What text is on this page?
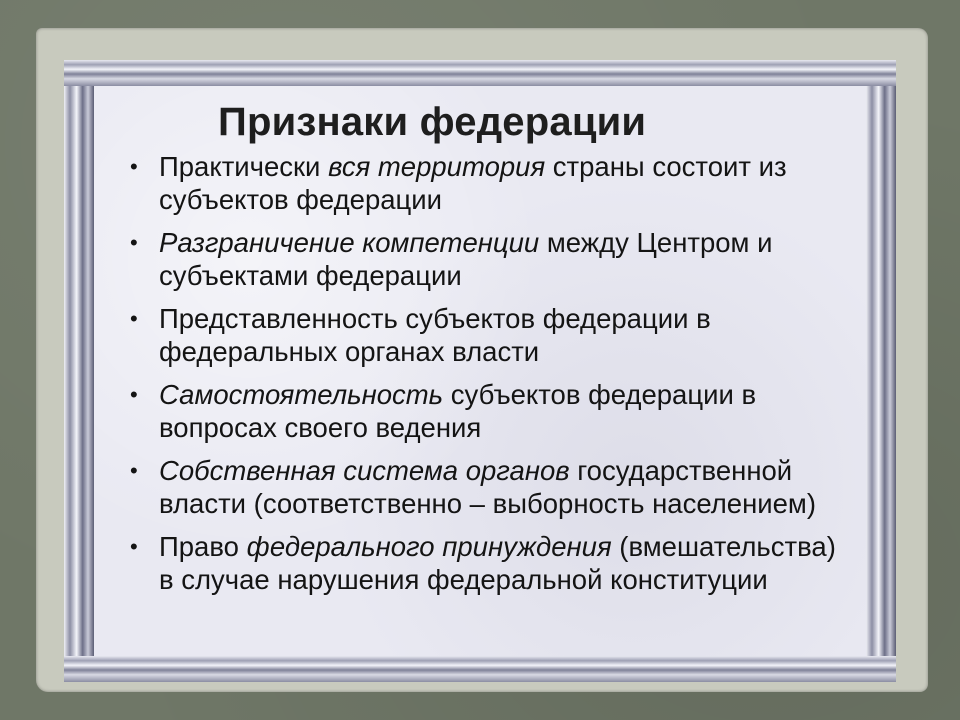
Признаки федерации
• Практически вся территория страны состоит из субъектов федерации
• Разграничение компетенции между Центром и субъектами федерации
• Представленность субъектов федерации в федеральных органах власти
• Самостоятельность субъектов федерации в вопросах своего ведения
• Собственная система органов государственной власти (соответственно – выборность населением)
• Право федерального принуждения (вмешательства) в случае нарушения федеральной конституции
